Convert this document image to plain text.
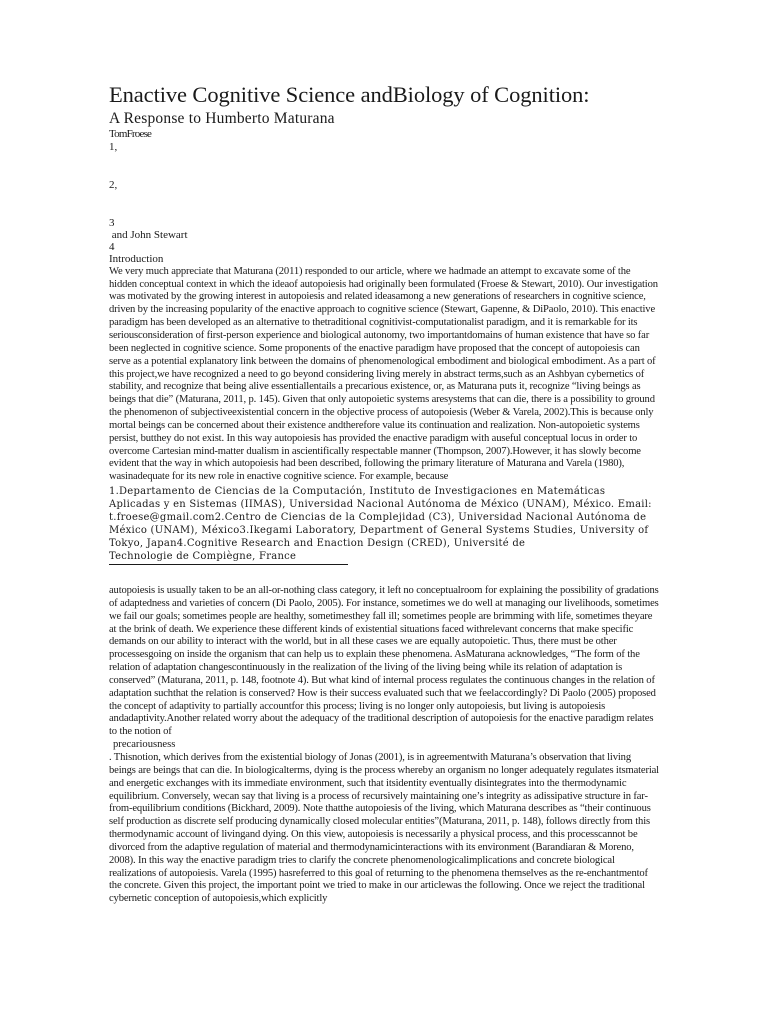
Enactive Cognitive Science andBiology of Cognition:
A Response to Humberto Maturana
TomFroese
1,
2,
3
and John Stewart
4
Introduction

We very much appreciate that Maturana (2011) responded to our article, where we hadmade an attempt to excavate some of the hidden conceptual context in which the ideaof autopoiesis had originally been formulated (Froese & Stewart, 2010). Our investigation was motivated by the growing interest in autopoiesis and related ideasamong a new generations of researchers in cognitive science, driven by the increasing popularity of the enactive approach to cognitive science (Stewart, Gapenne, & DiPaolo, 2010). This enactive paradigm has been developed as an alternative to thetraditional cognitivist-computationalist paradigm, and it is remarkable for its seriousconsideration of first-person experience and biological autonomy, two importantdomains of human existence that have so far been neglected in cognitive science. Some proponents of the enactive paradigm have proposed that the concept of autopoiesis can serve as a potential explanatory link between the domains of phenomenological embodiment and biological embodiment. As a part of this project,we have recognized a need to go beyond considering living merely in abstract terms,such as an Ashbyan cybernetics of stability, and recognize that being alive essentiallentails a precarious existence, or, as Maturana puts it, recognize “living beings as beings that die” (Maturana, 2011, p. 145). Given that only autopoietic systems aresystems that can die, there is a possibility to ground the phenomenon of subjectiveexistential concern in the objective process of autopoiesis (Weber & Varela, 2002).This is because only mortal beings can be concerned about their existence andtherefore value its continuation and realization. Non-autopoietic systems persist, butthey do not exist. In this way autopoiesis has provided the enactive paradigm with auseful conceptual locus in order to overcome Cartesian mind-matter dualism in ascientifically respectable manner (Thompson, 2007).However, it has slowly become evident that the way in which autopoiesis had been described, following the primary literature of Maturana and Varela (1980), wasinadequate for its new role in enactive cognitive science. For example, because

1.Departamento de Ciencias de la Computación, Instituto de Investigaciones en Matemáticas Aplicadas y en Sistemas (IIMAS), Universidad Nacional Autónoma de México (UNAM), México. Email: t.froese@gmail.com2.Centro de Ciencias de la Complejidad (C3), Universidad Nacional Autónoma de México (UNAM), México3.Ikegami Laboratory, Department of General Systems Studies, University of Tokyo, Japan4.Cognitive Research and Enaction Design (CRED), Université de Technologie de Compiègne, France

autopoiesis is usually taken to be an all-or-nothing class category, it left no conceptualroom for explaining the possibility of gradations of adaptedness and varieties of concern (Di Paolo, 2005). For instance, sometimes we do well at managing our livelihoods, sometimes we fail our goals; sometimes people are healthy, sometimesthey fall ill; sometimes people are brimming with life, sometimes theyare at the brink of death. We experience these different kinds of existential situations faced withrelevant concerns that make specific demands on our ability to interact with the world, but in all these cases we are equally autopoietic. Thus, there must be other processesgoing on inside the organism that can help us to explain these phenomena. AsMaturana acknowledges, “The form of the relation of adaptation changescontinuously in the realization of the living of the living being while its relation of adaptation is conserved” (Maturana, 2011, p. 148, footnote 4). But what kind of internal process regulates the continuous changes in the relation of adaptation suchthat the relation is conserved? How is their success evaluated such that we feelaccordingly? Di Paolo (2005) proposed the concept of adaptivity to partially accountfor this process; living is no longer only autopoiesis, but living is autopoiesis andadaptivity.Another related worry about the adequacy of the traditional description of autopoiesis for the enactive paradigm relates to the notion of

precariousness

. Thisnotion, which derives from the existential biology of Jonas (2001), is in agreementwith Maturana’s observation that living beings are beings that can die. In biologicalterms, dying is the process whereby an organism no longer adequately regulates itsmaterial and energetic exchanges with its immediate environment, such that itsidentity eventually disintegrates into the thermodynamic equilibrium. Conversely, wecan say that living is a process of recursively maintaining one’s integrity as adissipative structure in far-from-equilibrium conditions (Bickhard, 2009). Note thatthe autopoiesis of the living, which Maturana describes as “their continuous self production as discrete self producing dynamically closed molecular entities”(Maturana, 2011, p. 148), follows directly from this thermodynamic account of livingand dying. On this view, autopoiesis is necessarily a physical process, and this processcannot be divorced from the adaptive regulation of material and thermodynamicinteractions with its environment (Barandiaran & Moreno, 2008). In this way the enactive paradigm tries to clarify the concrete phenomenologicalimplications and concrete biological realizations of autopoiesis. Varela (1995) hasreferred to this goal of returning to the phenomena themselves as the re-enchantmentof the concrete. Given this project, the important point we tried to make in our articlewas the following. Once we reject the traditional cybernetic conception of autopoiesis,which explicitly
